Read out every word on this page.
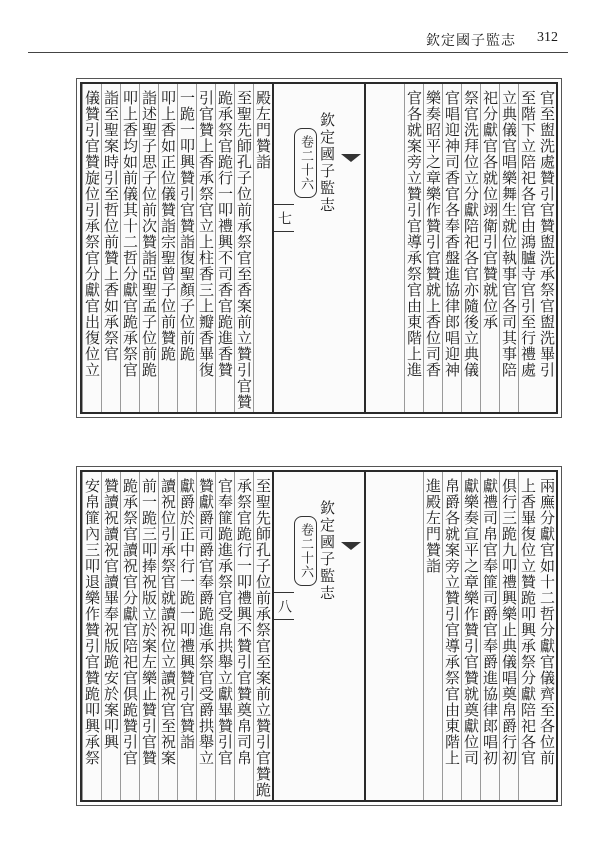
欽定國子監志 312
官至盥洗處贊引官贊盥洗承祭官盥洗畢引
至階下立陪祀各官由鴻臚寺官引至行禮處
立典儀官唱樂舞生就位執事官各司其事陪
祀分獻官各就位翊衛引官贊就位承
祭官洗拜位立分獻陪祀各官亦隨後立典儀
官唱迎神司香官各奉香盤進協律郎唱迎神
樂奏昭平之章樂作贊引官贊就上香位司香
官各就案旁立贊引官導承祭官由東階上進
欽定國子監志
卷二十六
七
殿左門贊詣
至聖先師孔子位前承祭官至香案前立贊引官贊
跪承祭官跪行一叩禮興不司香官跪進香贊
引官贊上香承祭官立上柱香三上瓣香畢復
一跪一叩興贊引官贊詣復聖顏子位前跪
叩上香如正位儀贊詣宗聖曾子位前贊跪
詣述聖子思子位前次贊詣亞聖孟子位前跪
叩上香均如前儀其十二哲分獻官跪承祭官
詣至聖案時引至哲位前贊上香如承祭官
儀贊引官贊旋位引承祭官分獻官出復位立
兩廡分獻官如十二哲分獻官儀齊至各位前
上香畢復位立贊跪叩興承祭分獻陪祀各官
俱行三跪九叩禮興樂止典儀唱奠帛爵行初
獻禮司帛官奉篚司爵官奉爵進協律郎唱初
獻樂奏宣平之章樂作贊引官贊就奠獻位司
帛爵各就案旁立贊引官導承祭官由東階上
進殿左門贊詣
欽定國子監志
卷二十六
八
至聖先師孔子位前承祭官至案前立贊引官贊跪
承祭官跪行一叩禮興不贊引官贊奠帛司帛
官奉篚跪進承祭官受帛拱舉立獻畢贊引官
贊獻爵司爵官奉爵跪進承祭官受爵拱舉立
獻爵於正中行一跪一叩禮興贊引官贊詣
讀祝位引承祭官就讀祝位立讀祝官至祝案
前一跪三叩捧祝版立於案左樂止贊引官贊
跪承祭官讀祝官分獻官陪祀官俱跪贊引官
贊讀祝讀祝官讀畢奉祝版跪安於案叩興
安帛篚內三叩退樂作贊引官贊跪叩興承祭
